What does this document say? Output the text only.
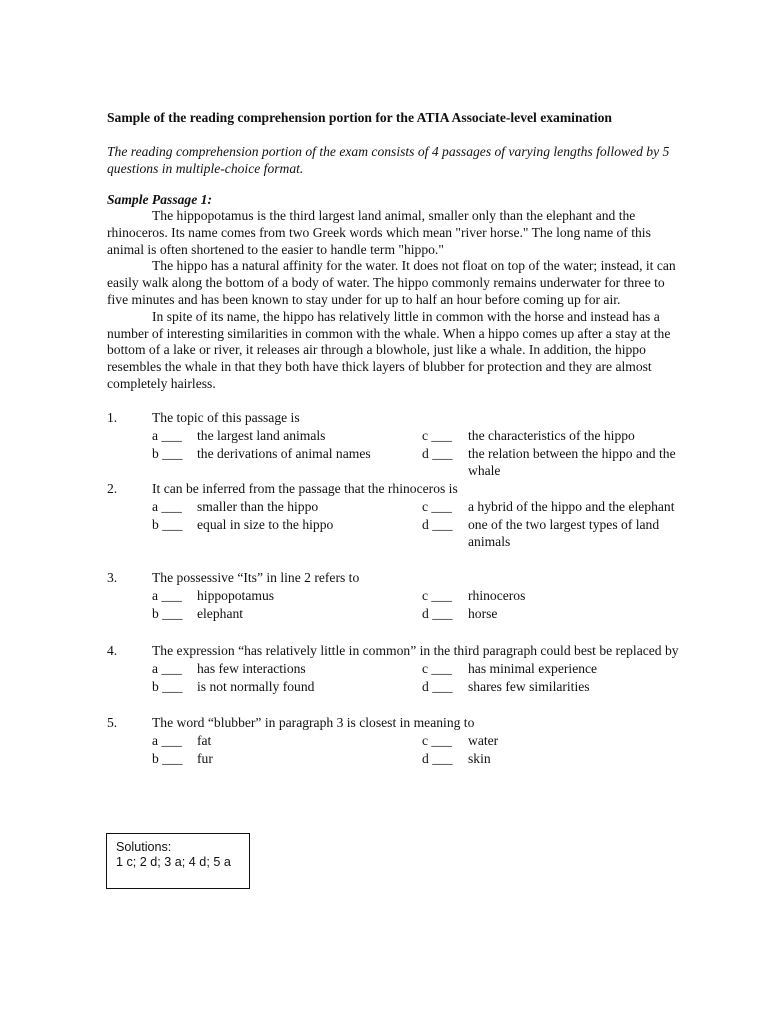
Sample of the reading comprehension portion for the ATIA Associate-level examination
The reading comprehension portion of the exam consists of 4 passages of varying lengths followed by 5 questions in multiple-choice format.
Sample Passage 1:

The hippopotamus is the third largest land animal, smaller only than the elephant and the rhinoceros. Its name comes from two Greek words which mean "river horse." The long name of this animal is often shortened to the easier to handle term "hippo."

The hippo has a natural affinity for the water. It does not float on top of the water; instead, it can easily walk along the bottom of a body of water. The hippo commonly remains underwater for three to five minutes and has been known to stay under for up to half an hour before coming up for air.

In spite of its name, the hippo has relatively little in common with the horse and instead has a number of interesting similarities in common with the whale. When a hippo comes up after a stay at the bottom of a lake or river, it releases air through a blowhole, just like a whale. In addition, the hippo resembles the whale in that they both have thick layers of blubber for protection and they are almost completely hairless.

1.	The topic of this passage is
a ___ the largest land animals	c ___ the characteristics of the hippo
b ___ the derivations of animal names	d ___ the relation between the hippo and the whale
2.	It can be inferred from the passage that the rhinoceros is
a ___ smaller than the hippo	c ___ a hybrid of the hippo and the elephant
b ___ equal in size to the hippo	d ___ one of the two largest types of land animals
3.	The possessive “Its” in line 2 refers to
a ___ hippopotamus	c ___ rhinoceros
b ___ elephant	d ___ horse
4.	The expression “has relatively little in common” in the third paragraph could best be replaced by
a ___ has few interactions	c ___ has minimal experience
b ___ is not normally found	d ___ shares few similarities
5.	The word “blubber” in paragraph 3 is closest in meaning to
a ___ fat	c ___ water
b ___ fur	d ___ skin
Solutions:
1 c; 2 d; 3 a; 4 d; 5 a
